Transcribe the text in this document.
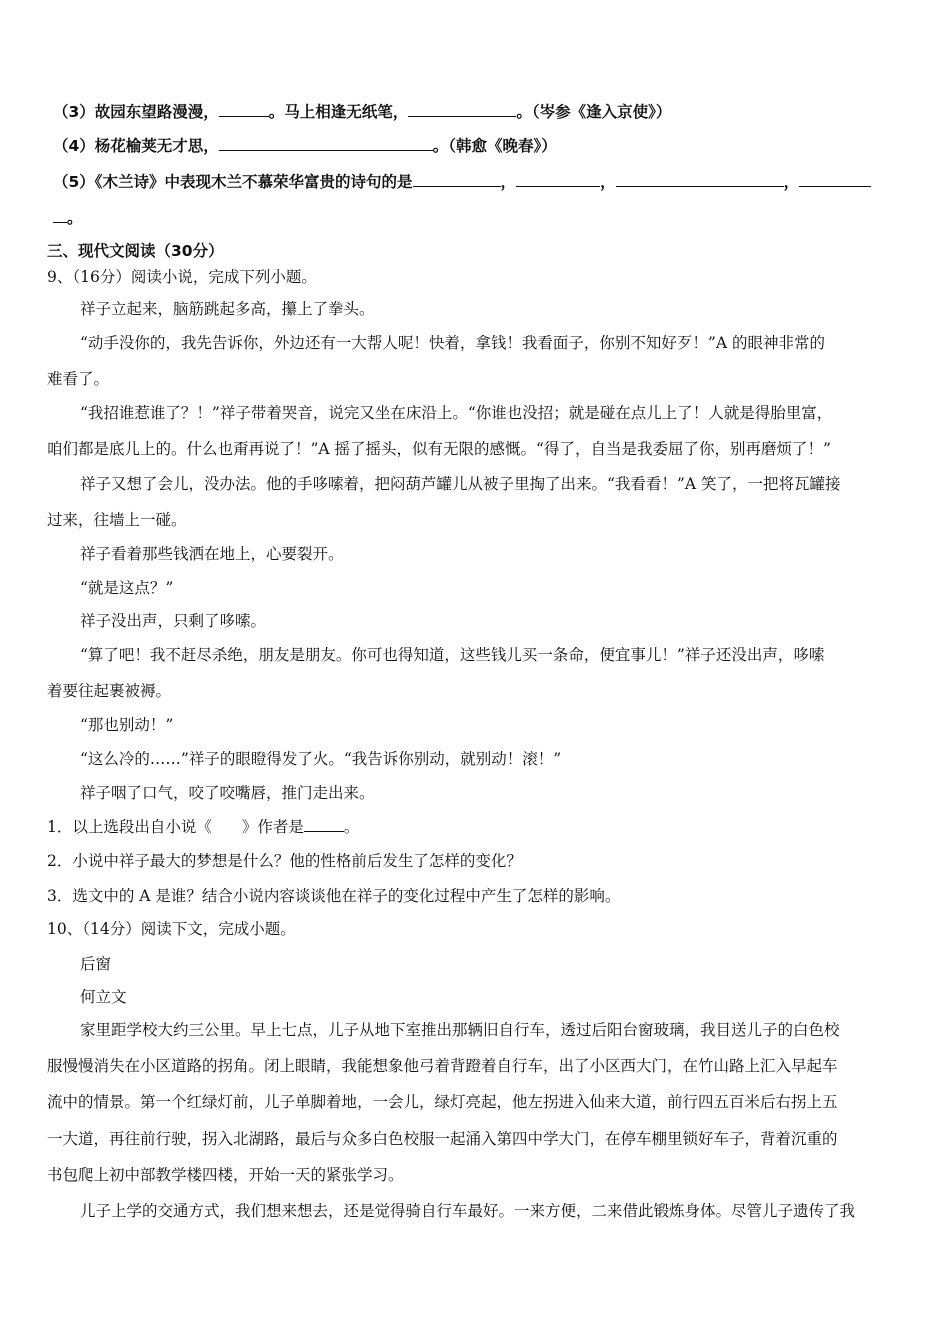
（3）故园东望路漫漫，	。马上相逢无纸笔，	。（岑参《逢入京使》）
（4）杨花榆荚无才思，	。（韩愈《晚春》）
（5）《木兰诗》中表现木兰不慕荣华富贵的诗句的是	，	，	，
。
三、现代文阅读（30分）
9、（16分）阅读小说，完成下列小题。
祥子立起来，脑筋跳起多高，攥上了拳头。
“动手没你的，我先告诉你，外边还有一大帮人呢！快着，拿钱！我看面子，你别不知好歹！”A 的眼神非常的
难看了。
“我招谁惹谁了？！”祥子带着哭音，说完又坐在床沿上。“你谁也没招；就是碰在点儿上了！人就是得胎里富，
咱们都是底儿上的。什么也甭再说了！”A 摇了摇头，似有无限的感慨。“得了，自当是我委屈了你，别再磨烦了！”
祥子又想了会儿，没办法。他的手哆嗦着，把闷葫芦罐儿从被子里掏了出来。“我看看！”A 笑了，一把将瓦罐接
过来，往墙上一碰。
祥子看着那些钱洒在地上，心要裂开。
“就是这点？”
祥子没出声，只剩了哆嗦。
“算了吧！我不赶尽杀绝，朋友是朋友。你可也得知道，这些钱儿买一条命，便宜事儿！”祥子还没出声，哆嗦
着要往起裹被褥。
“那也别动！”
“这么冷的……”祥子的眼瞪得发了火。“我告诉你别动，就别动！滚！”
祥子咽了口气，咬了咬嘴唇，推门走出来。
1．以上选段出自小说《 》作者是	。
2．小说中祥子最大的梦想是什么？他的性格前后发生了怎样的变化？
3．选文中的 A 是谁？结合小说内容谈谈他在祥子的变化过程中产生了怎样的影响。
10、（14分）阅读下文，完成小题。
后窗
何立文
家里距学校大约三公里。早上七点，儿子从地下室推出那辆旧自行车，透过后阳台窗玻璃，我目送儿子的白色校
服慢慢消失在小区道路的拐角。闭上眼睛，我能想象他弓着背蹬着自行车，出了小区西大门，在竹山路上汇入早起车
流中的情景。第一个红绿灯前，儿子单脚着地，一会儿，绿灯亮起，他左拐进入仙来大道，前行四五百米后右拐上五
一大道，再往前行驶，拐入北湖路，最后与众多白色校服一起涌入第四中学大门，在停车棚里锁好车子，背着沉重的
书包爬上初中部教学楼四楼，开始一天的紧张学习。
儿子上学的交通方式，我们想来想去，还是觉得骑自行车最好。一来方便，二来借此锻炼身体。尽管儿子遗传了我
